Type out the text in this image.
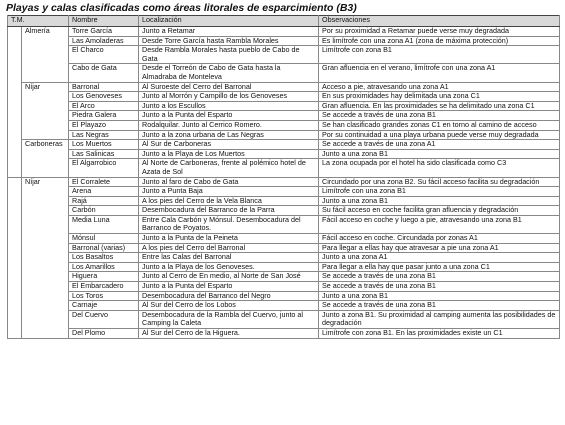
Playas y calas clasificadas como áreas litorales de esparcimiento (B3)
T.M.		Nombre	Localización	Observaciones
	Almería	Torre García	Junto a Retamar	Por su proximidad a Retamar puede verse muy degradada
		Las Amoladeras	Desde Torre García hasta Rambla Morales	Es limítrofe con una zona A1 (zona de máxima protección)
		El Charco	Desde Rambla Morales hasta pueblo de Cabo de Gata	Limítrofe con zona B1
		Cabo de Gata	Desde el Torreón de Cabo de Gata hasta la Almadraba de Monteleva	Gran afluencia en el verano, limítrofe con una zona A1
	Níjar	Barronal	Al Suroeste del Cerro del Barronal	Acceso a pie, atravesando una zona A1
		Los Genoveses	Junto al Morrón y Campillo de los Genoveses	En sus proximidades hay delimitada una zona C1
		El Arco	Junto a los Escullos	Gran afluencia. En las proximidades se ha delimitado una zona C1
		Piedra Galera	Junto a la Punta del Esparto	Se accede a través de una zona B1
		El Playazo	Rodalquilar. Junto al Cerrico Romero.	Se han clasificado grandes zonas C1 en torno al camino de acceso
		Las Negras	Junto a la zona urbana de Las Negras	Por su continuidad a una playa urbana puede verse muy degradada
	Carboneras	Los Muertos	Al Sur de Carboneras	Se accede a través de una zona A1
		Las Salinicas	Junto a la Playa de Los Muertos	Junto a una zona B1
		El Algarrobico	Al Norte de Carboneras, frente al polémico hotel de Azata de Sol	La zona ocupada por el hotel ha sido clasificada como C3
	Níjar	El Corralete	Junto al faro de Cabo de Gata	Circundado por una zona B2. Su fácil acceso facilita su degradación
		Arena	Junto a Punta Baja	Limítrofe con una zona B1
		Rajá	A los pies del Cerro de la Vela Blanca	Junto a una zona B1
		Carbón	Desembocadura del Barranco de la Parra	Su fácil acceso en coche facilita gran afluencia y degradación
		Media Luna	Entre Cala Carbón y Mónsul. Desembocadura del Barranco de Poyatos.	Fácil acceso en coche y luego a pie, atravesando una zona B1
		Mónsul	Junto a la Punta de la Peineta	Fácil acceso en coche. Circundada por zonas A1
		Barronal (varias)	A los pies del Cerro del Barronal	Para llegar a ellas hay que atravesar a pie una zona A1
		Los Basaltos	Entre las Calas del Barronal	Junto a una zona A1
		Los Amarillos	Junto a la Playa de los Genoveses.	Para llegar a ella hay que pasar junto a una zona C1
		Higuera	Junto al Cerro de En medio, al Norte de San José	Se accede a través de una zona B1
		El Embarcadero	Junto a la Punta del Esparto	Se accede a través de una zona B1
		Los Toros	Desembocadura del Barranco del Negro	Junto a una zona B1
		Carnaje	Al Sur del Cerro de los Lobos	Se accede a través de una zona B1
		Del Cuervo	Desembocadura de la Rambla del Cuervo, junto al Camping la Caleta	Junto a zona B1. Su proximidad al camping aumenta las posibilidades de degradación
		Del Plomo	Al Sur del Cerro de la Higuera.	Limítrofe con zona B1. En las proximidades existe un C1
